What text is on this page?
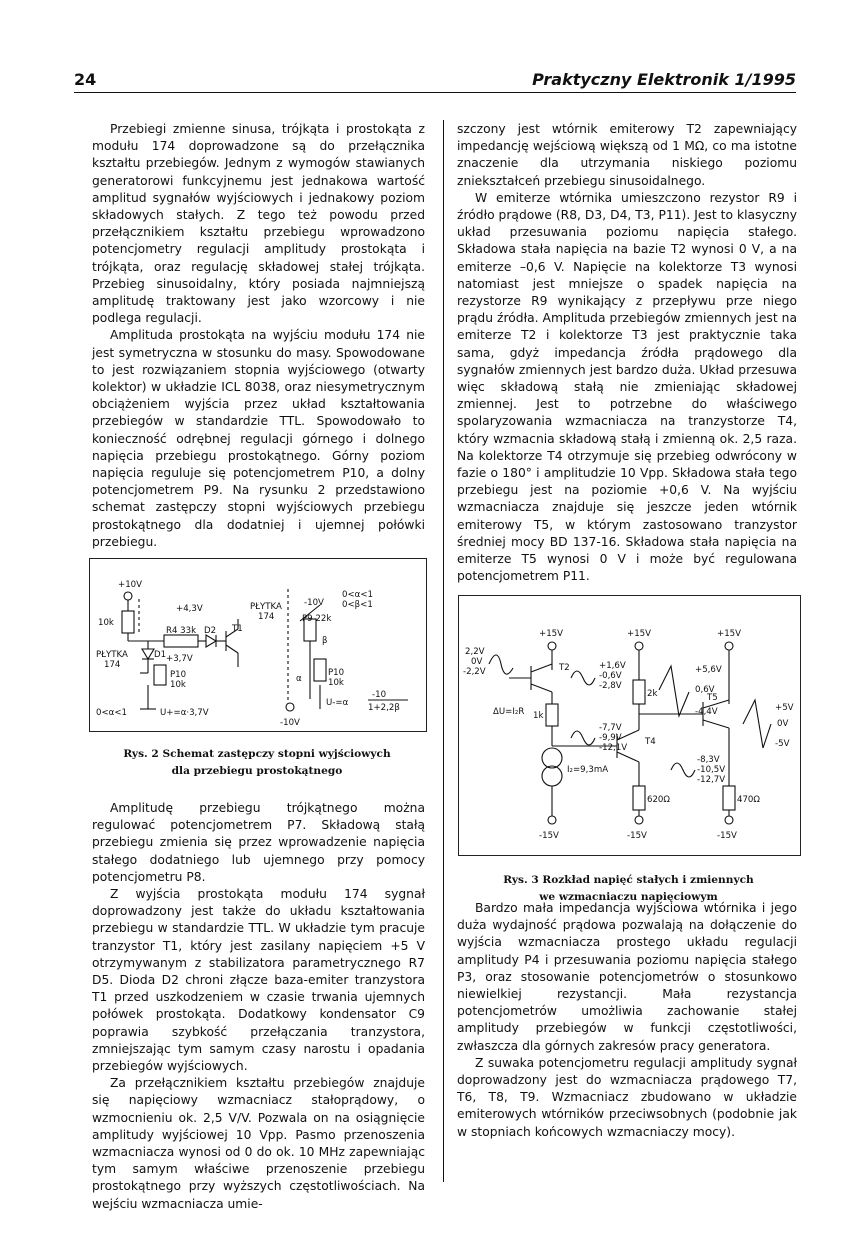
24	Praktyczny Elektronik 1/1995

Przebiegi zmienne sinusa, trójkąta i prostokąta z modułu 174 doprowadzone są do przełącznika kształtu przebiegów. Jednym z wymogów stawianych generatorowi funkcyjnemu jest jednakowa wartość amplitud sygnałów wyjściowych i jednakowy poziom składowych stałych. Z tego też powodu przed przełącznikiem kształtu przebiegu wprowadzono potencjometry regulacji amplitudy prostokąta i trójkąta, oraz regulację składowej stałej trójkąta. Przebieg sinusoidalny, który posiada najmniejszą amplitudę traktowany jest jako wzorcowy i nie podlega regulacji.

Amplituda prostokąta na wyjściu modułu 174 nie jest symetryczna w stosunku do masy. Spowodowane to jest rozwiązaniem stopnia wyjściowego (otwarty kolektor) w układzie ICL 8038, oraz niesymetrycznym obciążeniem wyjścia przez układ kształtowania przebiegów w standardzie TTL. Spowodowało to konieczność odrębnej regulacji górnego i dolnego napięcia przebiegu prostokątnego. Górny poziom napięcia reguluje się potencjometrem P10, a dolny potencjometrem P9. Na rysunku 2 przedstawiono schemat zastępczy stopni wyjściowych przebiegu prostokątnego dla dodatniej i ujemnej połówki przebiegu.

+10V
10k
+4,3V
R4 33k D2 T1
PŁYTKA
174
D1 +3,7V
P10
10k
0<α<1	U+=α·3,7V
PŁYTKA
174
-10V
P9 22k
β
0<α<1
0<β<1
P10
10k
α
-10V
U-=α
-10
1+2,2β
Rys. 2 Schemat zastępczy stopni wyjściowych
dla przebiegu prostokątnego

Amplitudę przebiegu trójkątnego można regulować potencjometrem P7. Składową stałą przebiegu zmienia się przez wprowadzenie napięcia stałego dodatniego lub ujemnego przy pomocy potencjometru P8.

Z wyjścia prostokąta modułu 174 sygnał doprowadzony jest także do układu kształtowania przebiegu w standardzie TTL. W układzie tym pracuje tranzystor T1, który jest zasilany napięciem +5 V otrzymywanym z stabilizatora parametrycznego R7 D5. Dioda D2 chroni złącze baza-emiter tranzystora T1 przed uszkodzeniem w czasie trwania ujemnych połówek prostokąta. Dodatkowy kondensator C9 poprawia szybkość przełączania tranzystora, zmniejszając tym samym czasy narostu i opadania przebiegów wyjściowych.

Za przełącznikiem kształtu przebiegów znajduje się napięciowy wzmacniacz stałoprądowy, o wzmocnieniu ok. 2,5 V/V. Pozwala on na osiągnięcie amplitudy wyjściowej 10 Vpp. Pasmo przenoszenia wzmacniacza wynosi od 0 do ok. 10 MHz zapewniając tym samym właściwe przenoszenie przebiegu prostokątnego przy wyższych częstotliwościach. Na wejściu wzmacniacza umie-

szczony jest wtórnik emiterowy T2 zapewniający impedancję wejściową większą od 1 MΩ, co ma istotne znaczenie dla utrzymania niskiego poziomu zniekształceń przebiegu sinusoidalnego.

W emiterze wtórnika umieszczono rezystor R9 i źródło prądowe (R8, D3, D4, T3, P11). Jest to klasyczny układ przesuwania poziomu napięcia stałego. Składowa stała napięcia na bazie T2 wynosi 0 V, a na emiterze –0,6 V. Napięcie na kolektorze T3 wynosi natomiast jest mniejsze o spadek napięcia na rezystorze R9 wynikający z przepływu prze niego prądu źródła. Amplituda przebiegów zmiennych jest na emiterze T2 i kolektorze T3 jest praktycznie taka sama, gdyż impedancja źródła prądowego dla sygnałów zmiennych jest bardzo duża. Układ przesuwa więc składową stałą nie zmieniając składowej zmiennej. Jest to potrzebne do właściwego spolaryzowania wzmacniacza na tranzystorze T4, który wzmacnia składową stałą i zmienną ok. 2,5 raza. Na kolektorze T4 otrzymuje się przebieg odwrócony w fazie o 180° i amplitudzie 10 Vpp. Składowa stała tego przebiegu jest na poziomie +0,6 V. Na wyjściu wzmacniacza znajduje się jeszcze jeden wtórnik emiterowy T5, w którym zastosowano tranzystor średniej mocy BD 137-16. Składowa stała napięcia na emiterze T5 wynosi 0 V i może być regulowana potencjometrem P11.

+15V	+15V	+15V
2,2V
0V
-2,2V	T2	+1,6V
-0,6V
-2,8V
ΔU=I₂R 1k
-7,7V
-9,9V
-12,1V
T4
2k
+5,6V
0,6V
-4,4V
T5
+5V
0V
-5V
-8,3V
-10,5V
-12,7V
I₂=9,3mA
620Ω	470Ω
-15V	-15V	-15V
Rys. 3 Rozkład napięć stałych i zmiennych
we wzmacniaczu napięciowym

Bardzo mała impedancja wyjściowa wtórnika i jego duża wydajność prądowa pozwalają na dołączenie do wyjścia wzmacniacza prostego układu regulacji amplitudy P4 i przesuwania poziomu napięcia stałego P3, oraz stosowanie potencjometrów o stosunkowo niewielkiej rezystancji. Mała rezystancja potencjometrów umożliwia zachowanie stałej amplitudy przebiegów w funkcji częstotliwości, zwłaszcza dla górnych zakresów pracy generatora.

Z suwaka potencjometru regulacji amplitudy sygnał doprowadzony jest do wzmacniacza prądowego T7, T6, T8, T9. Wzmacniacz zbudowano w układzie emiterowych wtórników przeciwsobnych (podobnie jak w stopniach końcowych wzmacniaczy mocy).
